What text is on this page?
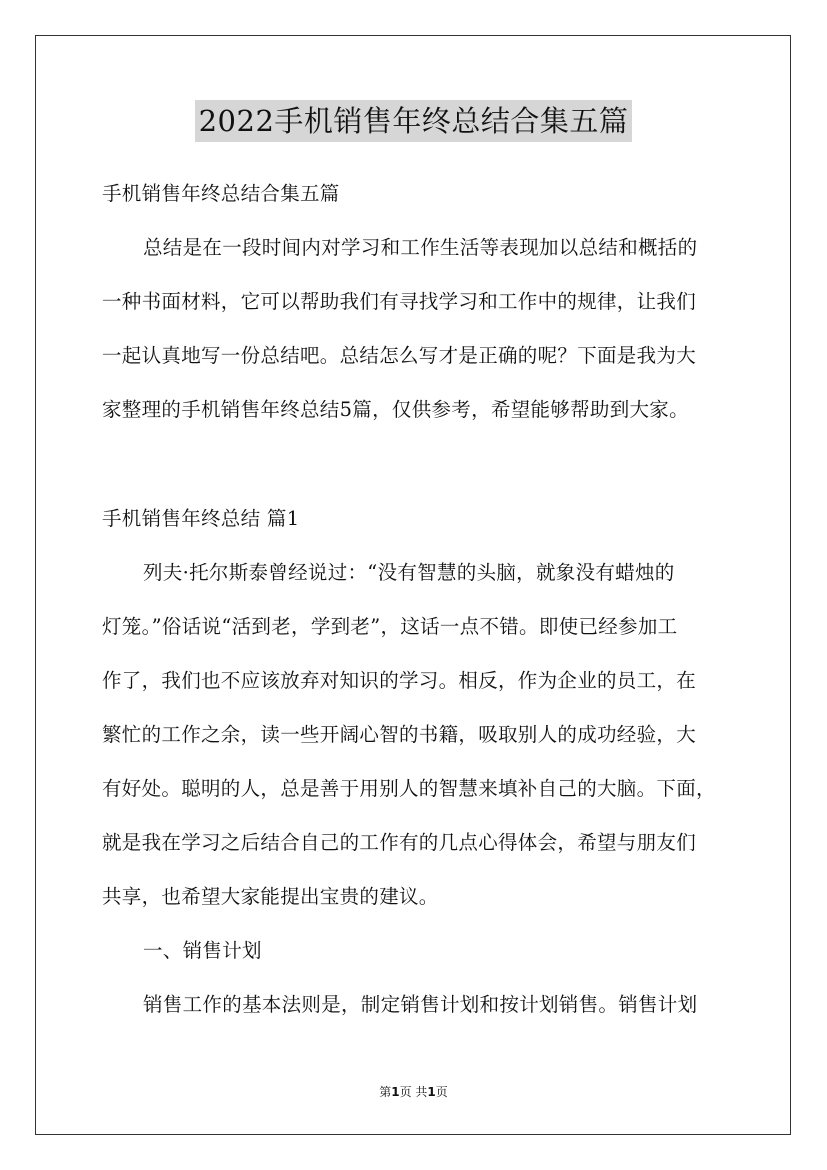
2022手机销售年终总结合集五篇
手机销售年终总结合集五篇
总结是在一段时间内对学习和工作生活等表现加以总结和概括的
一种书面材料，它可以帮助我们有寻找学习和工作中的规律，让我们
一起认真地写一份总结吧。总结怎么写才是正确的呢？下面是我为大
家整理的手机销售年终总结5篇，仅供参考，希望能够帮助到大家。
手机销售年终总结 篇1
列夫·托尔斯泰曾经说过：“没有智慧的头脑，就象没有蜡烛的
灯笼。”俗话说“活到老，学到老”，这话一点不错。即使已经参加工
作了，我们也不应该放弃对知识的学习。相反，作为企业的员工，在
繁忙的工作之余，读一些开阔心智的书籍，吸取别人的成功经验，大
有好处。聪明的人，总是善于用别人的智慧来填补自己的大脑。下面，
就是我在学习之后结合自己的工作有的几点心得体会，希望与朋友们
共享，也希望大家能提出宝贵的建议。
一、销售计划
销售工作的基本法则是，制定销售计划和按计划销售。销售计划
第1页 共1页
